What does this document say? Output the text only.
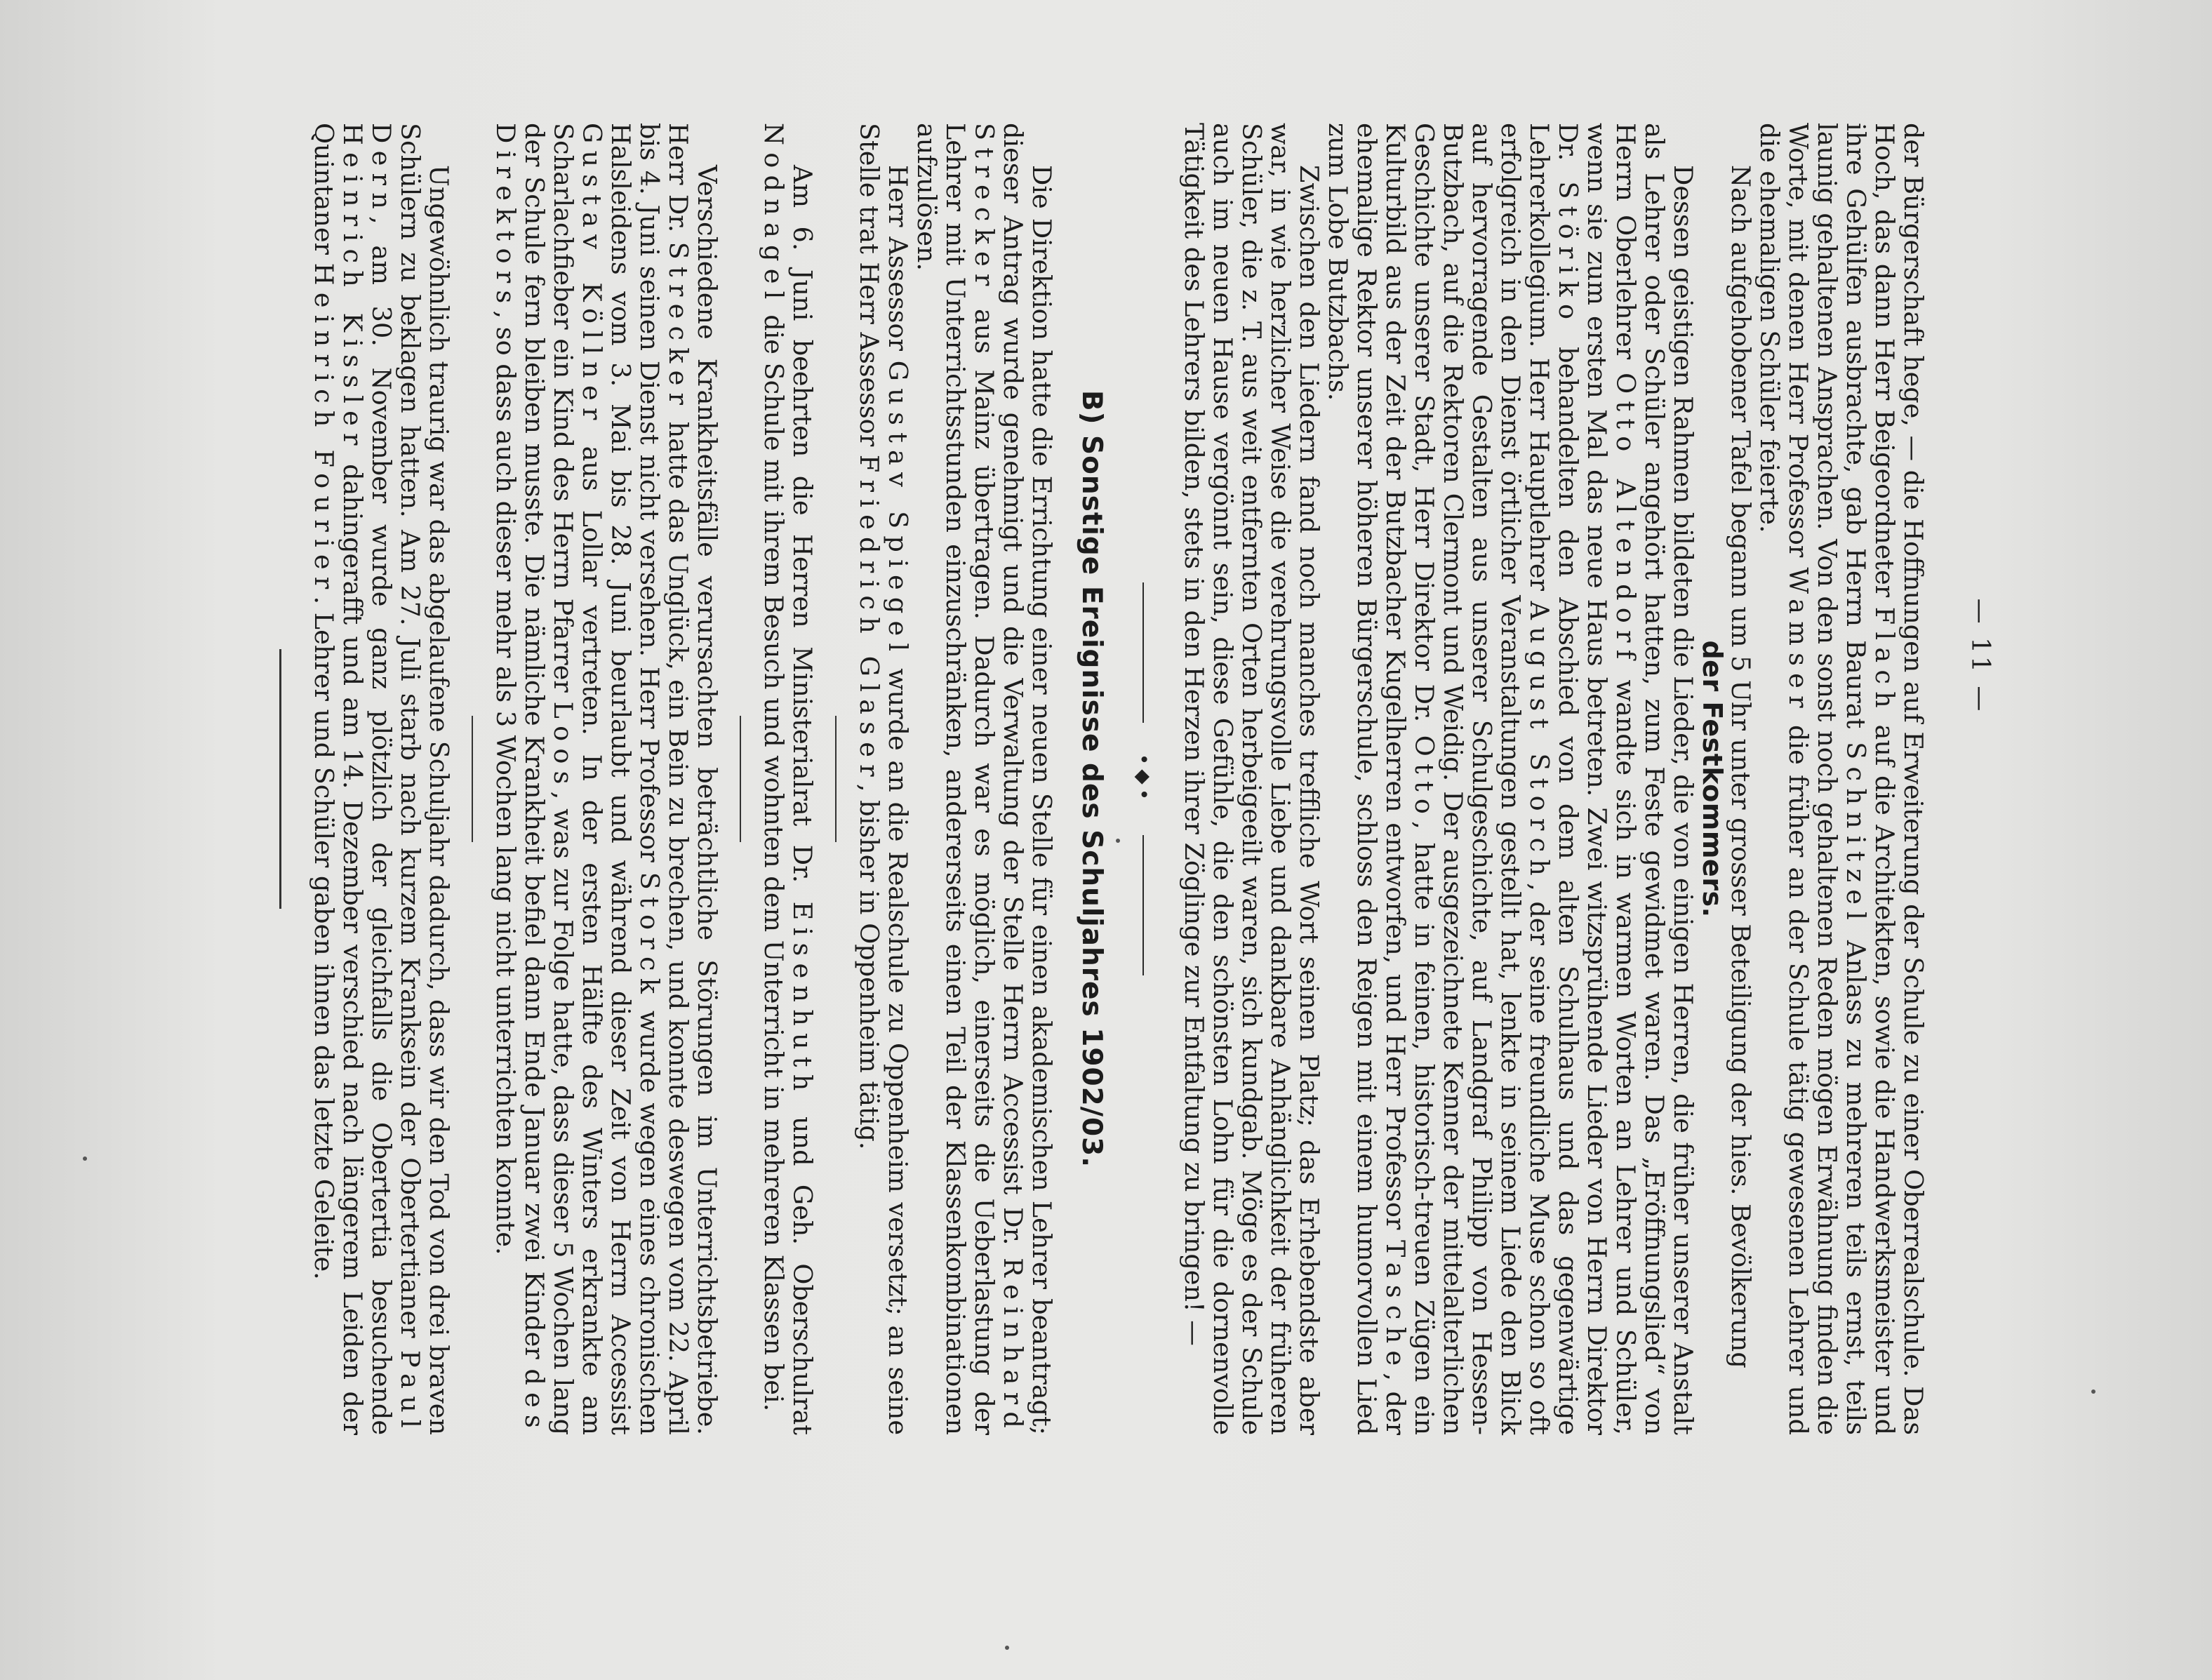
— 11 —

der Bürgerschaft hege, — die Hoffnungen auf Erweiterung der Schule zu einer Oberrealschule. Das Hoch, das dann Herr Beigeordneter Flach auf die Architekten, sowie die Handwerksmeister und ihre Gehülfen ausbrachte, gab Herrn Baurat Schnitzel Anlass zu mehreren teils ernst, teils launig gehaltenen Ansprachen. Von den sonst noch gehaltenen Reden mögen Erwähnung finden die Worte, mit denen Herr Professor Wamser die früher an der Schule tätig gewesenen Lehrer und die ehemaligen Schüler feierte.

Nach aufgehobener Tafel begann um 5 Uhr unter grosser Beteiligung der hies. Bevölkerung

der Festkommers.

Dessen geistigen Rahmen bildeten die Lieder, die von einigen Herren, die früher unserer Anstalt als Lehrer oder Schüler angehört hatten, zum Feste gewidmet waren. Das „Eröffnungslied“ von Herrn Oberlehrer Otto Altendorf wandte sich in warmen Worten an Lehrer und Schüler, wenn sie zum ersten Mal das neue Haus betreten. Zwei witzsprühende Lieder von Herrn Direktor Dr. Störiko behandelten den Abschied von dem alten Schulhaus und das gegenwärtige Lehrerkollegium. Herr Hauptlehrer August Storch, der seine freundliche Muse schon so oft erfolgreich in den Dienst örtlicher Veranstaltungen gestellt hat, lenkte in seinem Liede den Blick auf hervorragende Gestalten aus unserer Schulgeschichte, auf Landgraf Philipp von Hessen-Butzbach, auf die Rektoren Clermont und Weidig. Der ausgezeichnete Kenner der mittelalterlichen Geschichte unserer Stadt, Herr Direktor Dr. Otto, hatte in feinen, historisch-treuen Zügen ein Kulturbild aus der Zeit der Butzbacher Kugelherren entworfen, und Herr Professor Tasche, der ehemalige Rektor unserer höheren Bürgerschule, schloss den Reigen mit einem humorvollen Lied zum Lobe Butzbachs.

Zwischen den Liedern fand noch manches treffliche Wort seinen Platz; das Erhebendste aber war, in wie herzlicher Weise die verehrungsvolle Liebe und dankbare Anhänglichkeit der früheren Schüler, die z. T. aus weit entfernten Orten herbeigeeilt waren, sich kundgab. Möge es der Schule auch im neuen Hause vergönnt sein, diese Gefühle, die den schönsten Lohn für die dornenvolle Tätigkeit des Lehrers bilden, stets in den Herzen ihrer Zöglinge zur Entfaltung zu bringen! —

•◆•
B) Sonstige Ereignisse des Schuljahres 1902/03.

Die Direktion hatte die Errichtung einer neuen Stelle für einen akademischen Lehrer beantragt; dieser Antrag wurde genehmigt und die Verwaltung der Stelle Herrn Accessist Dr. Reinhard Strecker aus Mainz übertragen. Dadurch war es möglich, einerseits die Ueberlastung der Lehrer mit Unterrichtsstunden einzuschränken, andererseits einen Teil der Klassenkombinationen aufzulösen.

Herr Assessor Gustav Spiegel wurde an die Realschule zu Oppenheim versetzt; an seine Stelle trat Herr Assessor Friedrich Glaser, bisher in Oppenheim tätig.

Am 6. Juni beehrten die Herren Ministerialrat Dr. Eisenhuth und Geh. Oberschulrat Nodnagel die Schule mit ihrem Besuch und wohnten dem Unterricht in mehreren Klassen bei.

Verschiedene Krankheitsfälle verursachten beträchtliche Störungen im Unterrichtsbetriebe. Herr Dr. Strecker hatte das Unglück, ein Bein zu brechen, und konnte deswegen vom 22. April bis 4. Juni seinen Dienst nicht versehen. Herr Professor Storck wurde wegen eines chronischen Halsleidens vom 3. Mai bis 28. Juni beurlaubt und während dieser Zeit von Herrn Accessist Gustav Köllner aus Lollar vertreten. In der ersten Hälfte des Winters erkrankte am Scharlachfieber ein Kind des Herrn Pfarrer Loos, was zur Folge hatte, dass dieser 5 Wochen lang der Schule fern bleiben musste. Die nämliche Krankheit befiel dann Ende Januar zwei Kinder des Direktors, so dass auch dieser mehr als 3 Wochen lang nicht unterrichten konnte.

Ungewöhnlich traurig war das abgelaufene Schuljahr dadurch, dass wir den Tod von drei braven Schülern zu beklagen hatten. Am 27. Juli starb nach kurzem Kranksein der Obertertianer Paul Dern, am 30. November wurde ganz plötzlich der gleichfalls die Obertertia besuchende Heinrich Kissler dahingerafft und am 14. Dezember verschied nach längerem Leiden der Quintaner Heinrich Fourier. Lehrer und Schüler gaben ihnen das letzte Geleite.
